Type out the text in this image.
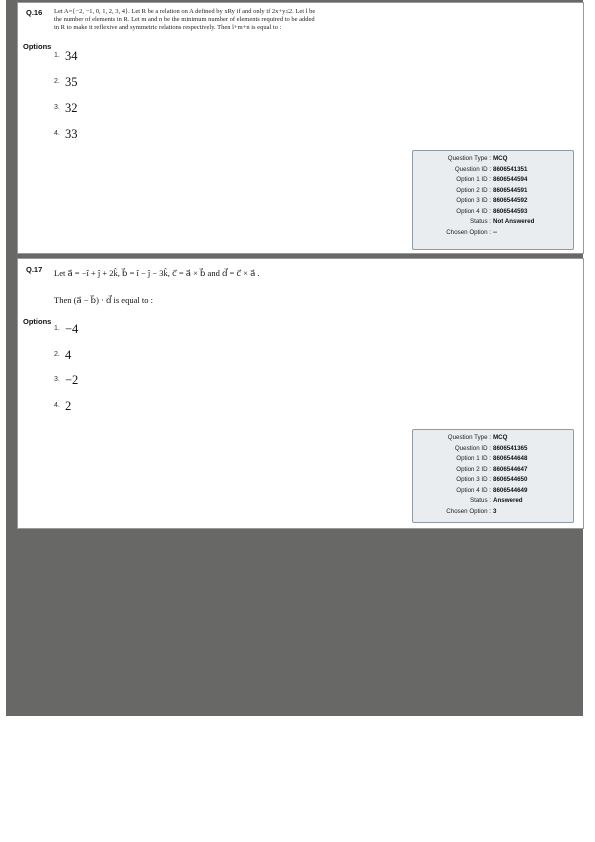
Q.16 Let A={−2, −1, 0, 1, 2, 3, 4}. Let R be a relation on A defined by xRy if and only if 2x+y≤2. Let l be
the number of elements in R. Let m and n be the minimum number of elements required to be added
in R to make it reflexive and symmetric relations respectively. Then l+m+n is equal to :
Options
1. 34
2. 35
3. 32
4. 33
Question Type : MCQ
Question ID : 8606541351
Option 1 ID : 8606544594
Option 2 ID : 8606544591
Option 3 ID : 8606544592
Option 4 ID : 8606544593
Status : Not Answered
Chosen Option : --
Q.17 Let a⃗ = −î + ĵ + 2k̂, b⃗ = î − ĵ − 3k̂, c⃗ = a⃗ × b⃗ and d⃗ = c⃗ × a⃗ .
Then (a⃗ − b⃗) · d⃗ is equal to :
Options
1. −4
2. 4
3. −2
4. 2
Question Type : MCQ
Question ID : 8606541365
Option 1 ID : 8606544648
Option 2 ID : 8606544647
Option 3 ID : 8606544650
Option 4 ID : 8606544649
Status : Answered
Chosen Option : 3
